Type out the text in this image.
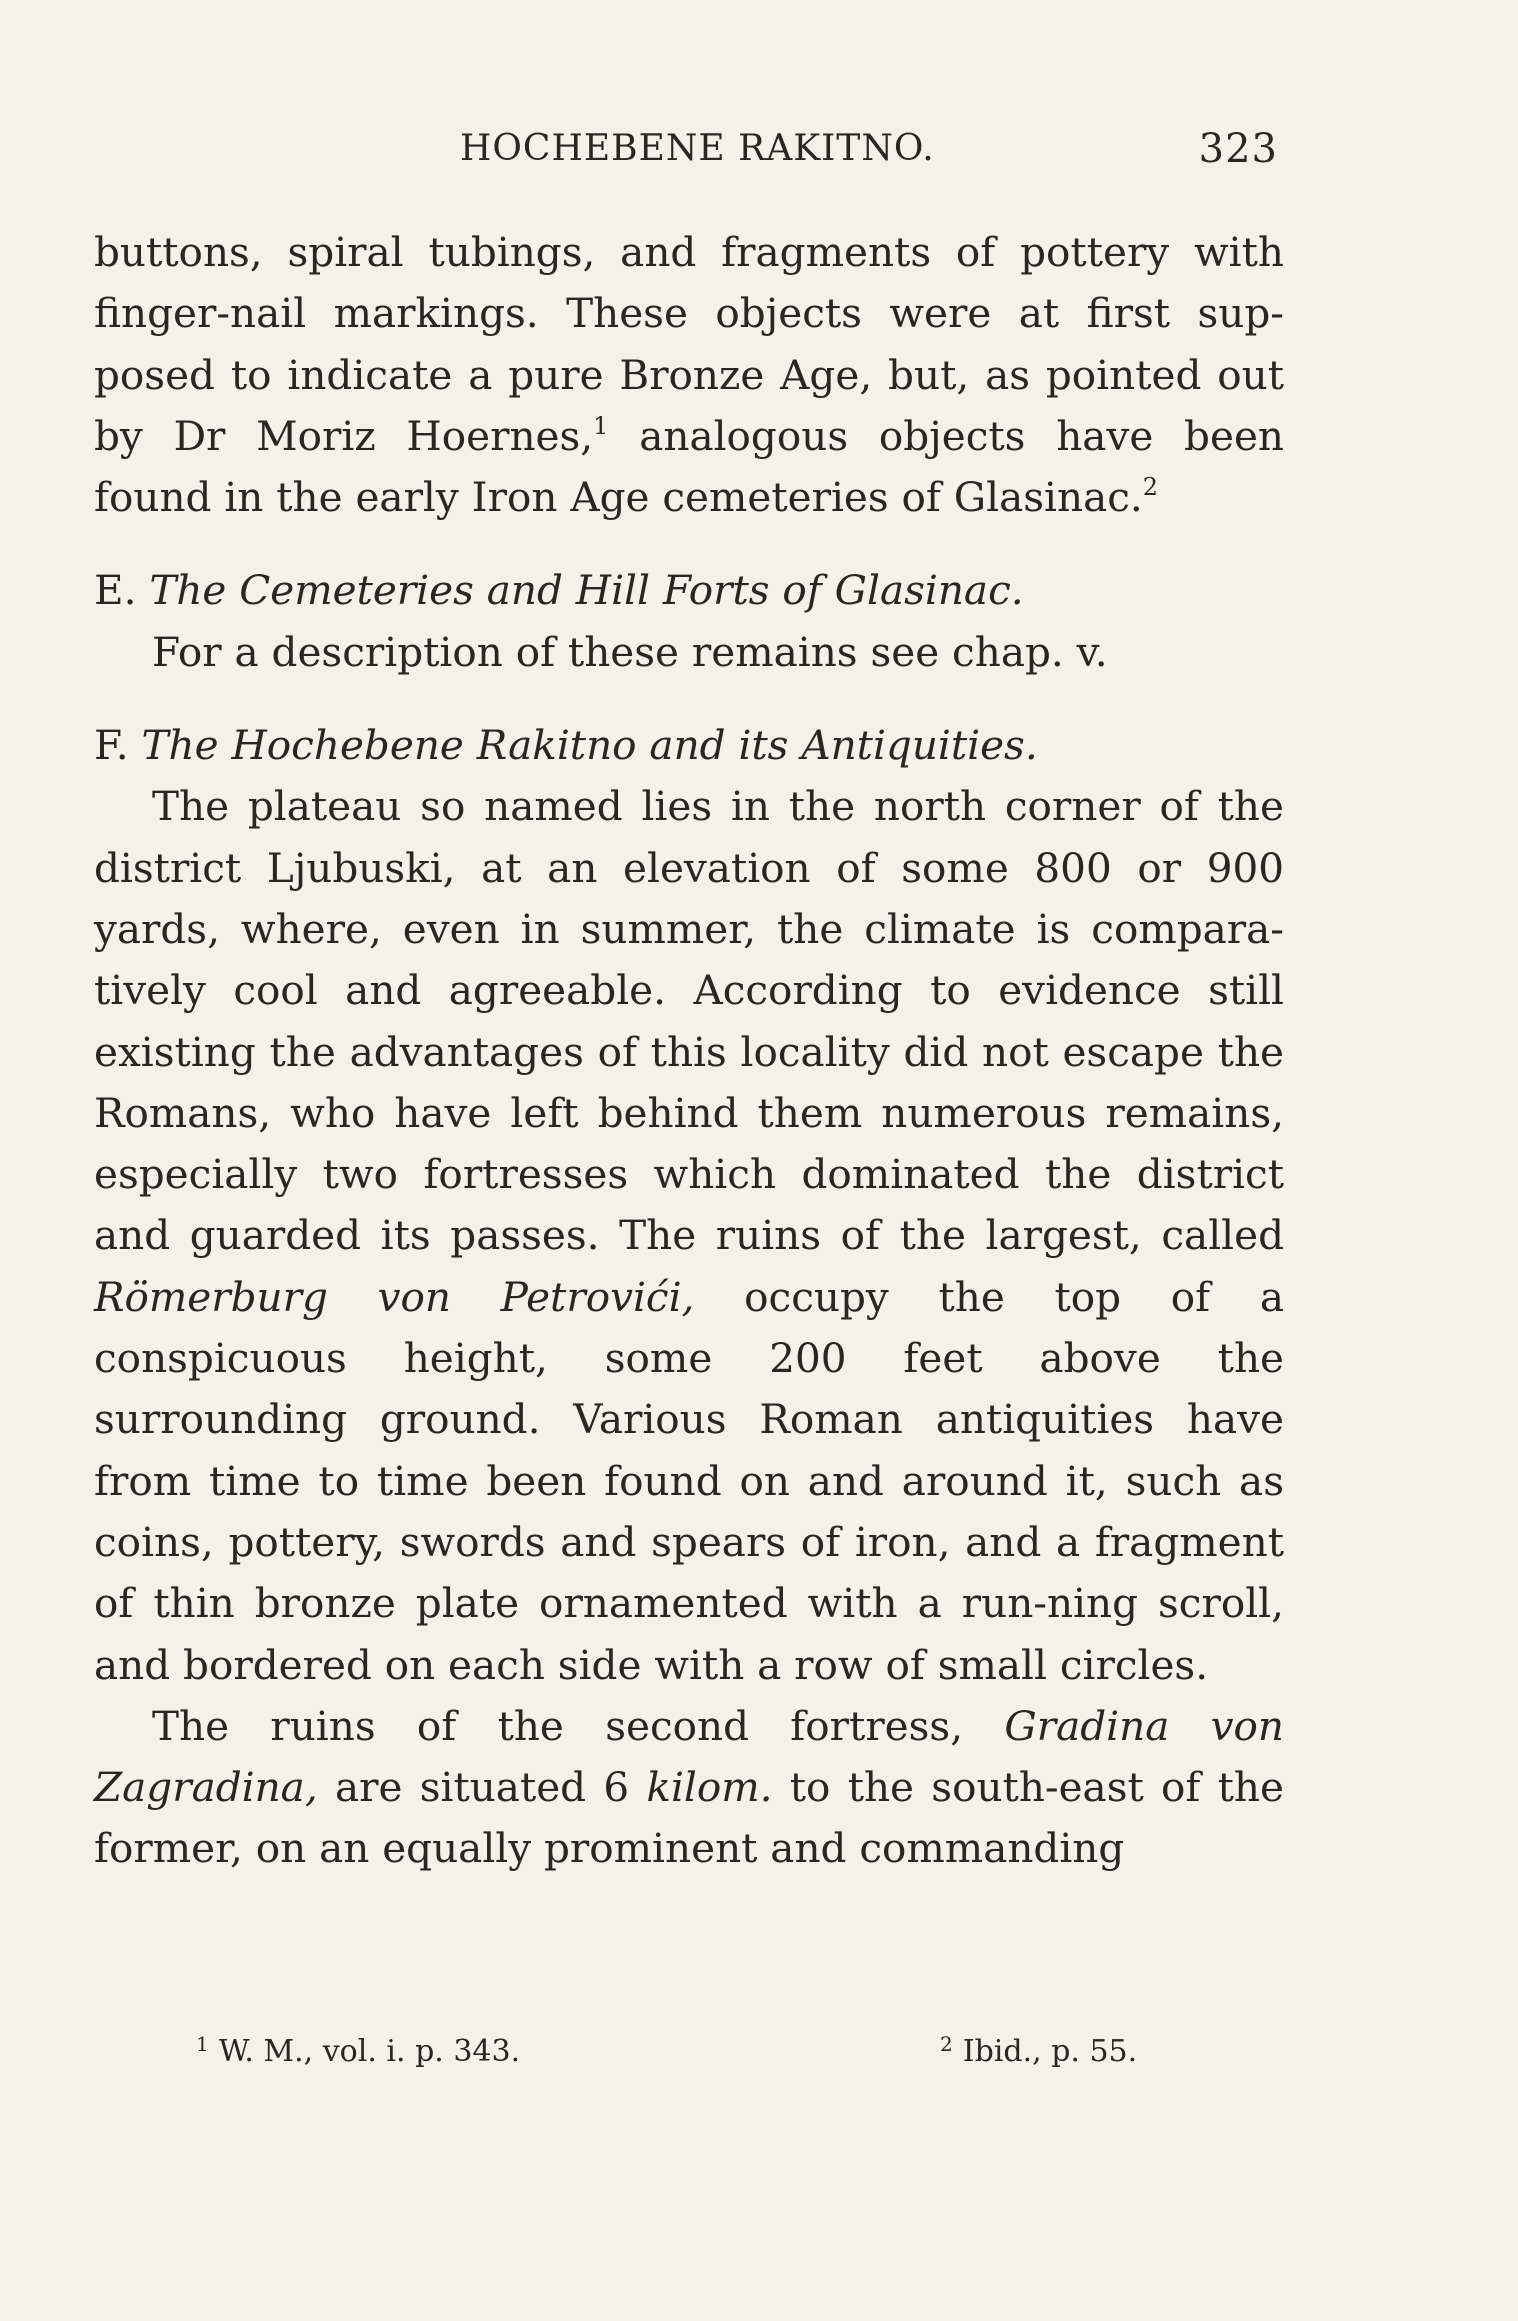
HOCHEBENE RAKITNO.	323

buttons, spiral tubings, and fragments of pottery with finger-nail markings. These objects were at first sup-posed to indicate a pure Bronze Age, but, as pointed out by Dr Moriz Hoernes,$^1$ analogous objects have been found in the early Iron Age cemeteries of Glasinac.$^2$

E. The Cemeteries and Hill Forts of Glasinac.

For a description of these remains see chap. v.

F. The Hochebene Rakitno and its Antiquities.

The plateau so named lies in the north corner of the district Ljubuski, at an elevation of some 800 or 900 yards, where, even in summer, the climate is compara-tively cool and agreeable. According to evidence still existing the advantages of this locality did not escape the Romans, who have left behind them numerous remains, especially two fortresses which dominated the district and guarded its passes. The ruins of the largest, called Römerburg von Petrovići, occupy the top of a conspicuous height, some 200 feet above the surrounding ground. Various Roman antiquities have from time to time been found on and around it, such as coins, pottery, swords and spears of iron, and a fragment of thin bronze plate ornamented with a run-ning scroll, and bordered on each side with a row of small circles.

The ruins of the second fortress, Gradina von Zagradina, are situated 6 kilom. to the south-east of the former, on an equally prominent and commanding

$^1$ W. M., vol. i. p. 343.	$^2$ Ibid., p. 55.
